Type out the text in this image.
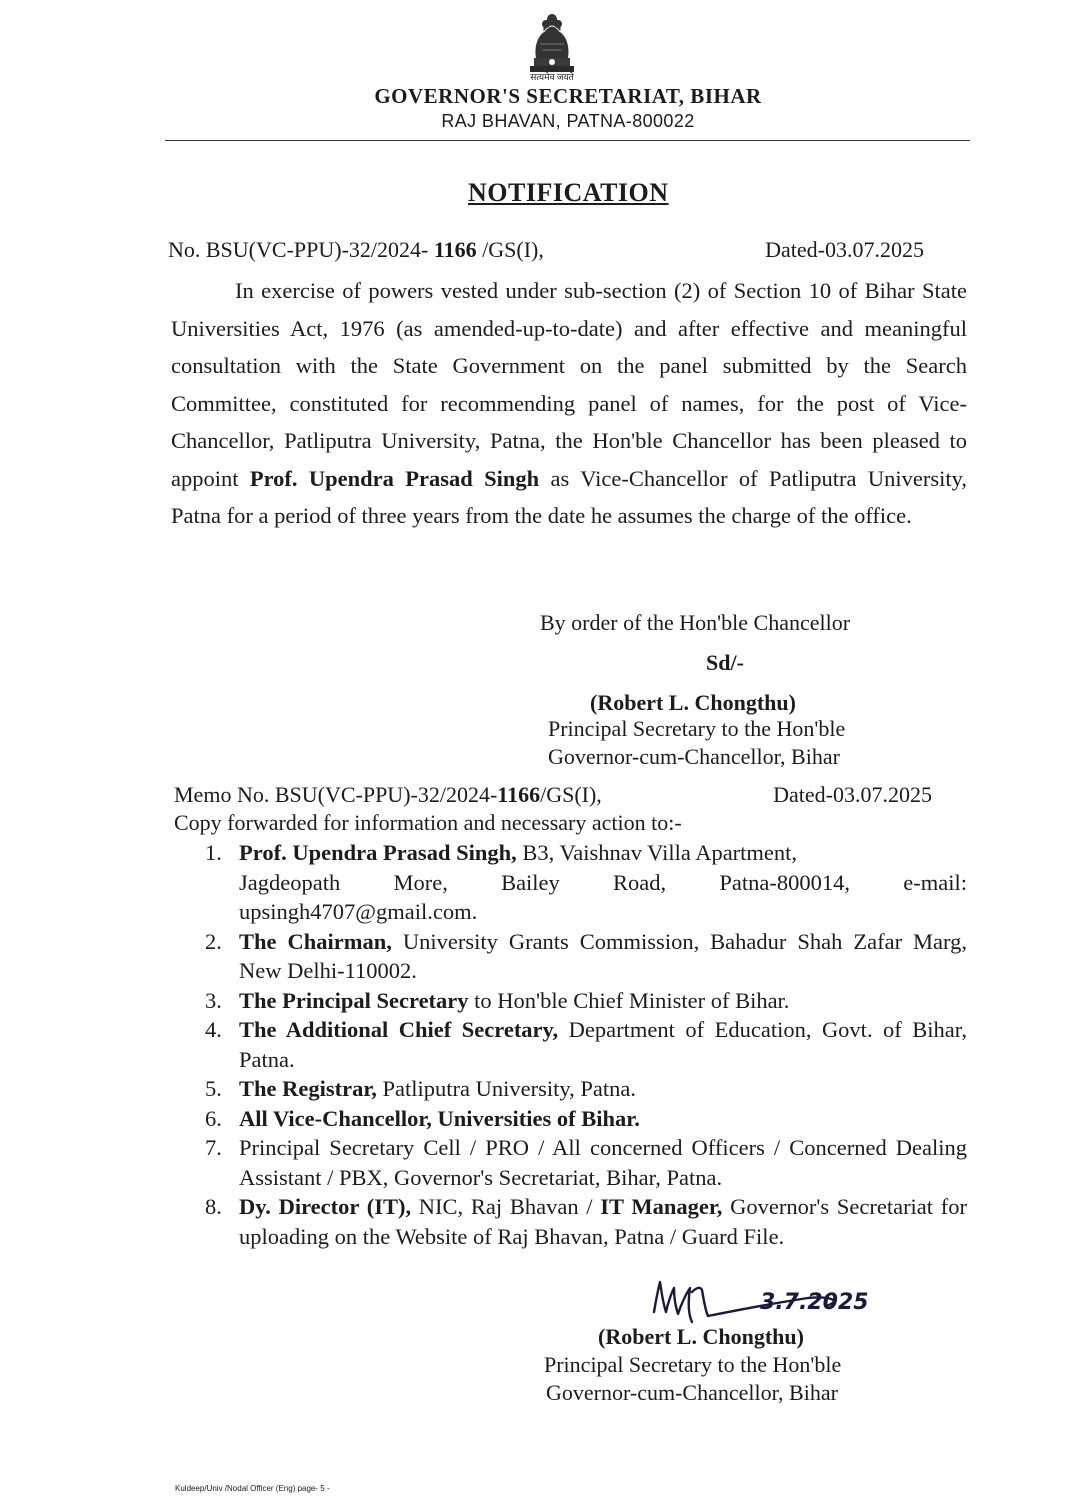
सत्यमेव जयते
GOVERNOR'S SECRETARIAT, BIHAR
RAJ BHAVAN, PATNA-800022
NOTIFICATION
No. BSU(VC-PPU)-32/2024- 1166 /GS(I),	Dated-03.07.2025

In exercise of powers vested under sub-section (2) of Section 10 of Bihar State Universities Act, 1976 (as amended-up-to-date) and after effective and meaningful consultation with the State Government on the panel submitted by the Search Committee, constituted for recommending panel of names, for the post of Vice-Chancellor, Patliputra University, Patna, the Hon'ble Chancellor has been pleased to appoint Prof. Upendra Prasad Singh as Vice-Chancellor of Patliputra University, Patna for a period of three years from the date he assumes the charge of the office.

By order of the Hon'ble Chancellor
Sd/-
(Robert L. Chongthu)
Principal Secretary to the Hon'ble
Governor-cum-Chancellor, Bihar
Memo No. BSU(VC-PPU)-32/2024-1166/GS(I),	Dated-03.07.2025
Copy forwarded for information and necessary action to:-
1. Prof. Upendra Prasad Singh, B3, Vaishnav Villa Apartment,
Jagdeopath More, Bailey Road, Patna-800014, e-mail:
upsingh4707@gmail.com.
2. The Chairman, University Grants Commission, Bahadur Shah Zafar Marg, New Delhi-110002.
3. The Principal Secretary to Hon'ble Chief Minister of Bihar.
4. The Additional Chief Secretary, Department of Education, Govt. of Bihar, Patna.
5. The Registrar, Patliputra University, Patna.
6. All Vice-Chancellor, Universities of Bihar.
7. Principal Secretary Cell / PRO / All concerned Officers / Concerned Dealing Assistant / PBX, Governor's Secretariat, Bihar, Patna.
8. Dy. Director (IT), NIC, Raj Bhavan / IT Manager, Governor's Secretariat for uploading on the Website of Raj Bhavan, Patna / Guard File.
3.7.2025
(Robert L. Chongthu)
Principal Secretary to the Hon'ble
Governor-cum-Chancellor, Bihar
Kuldeep/Univ /Nodal Officer (Eng) page- 5 -
